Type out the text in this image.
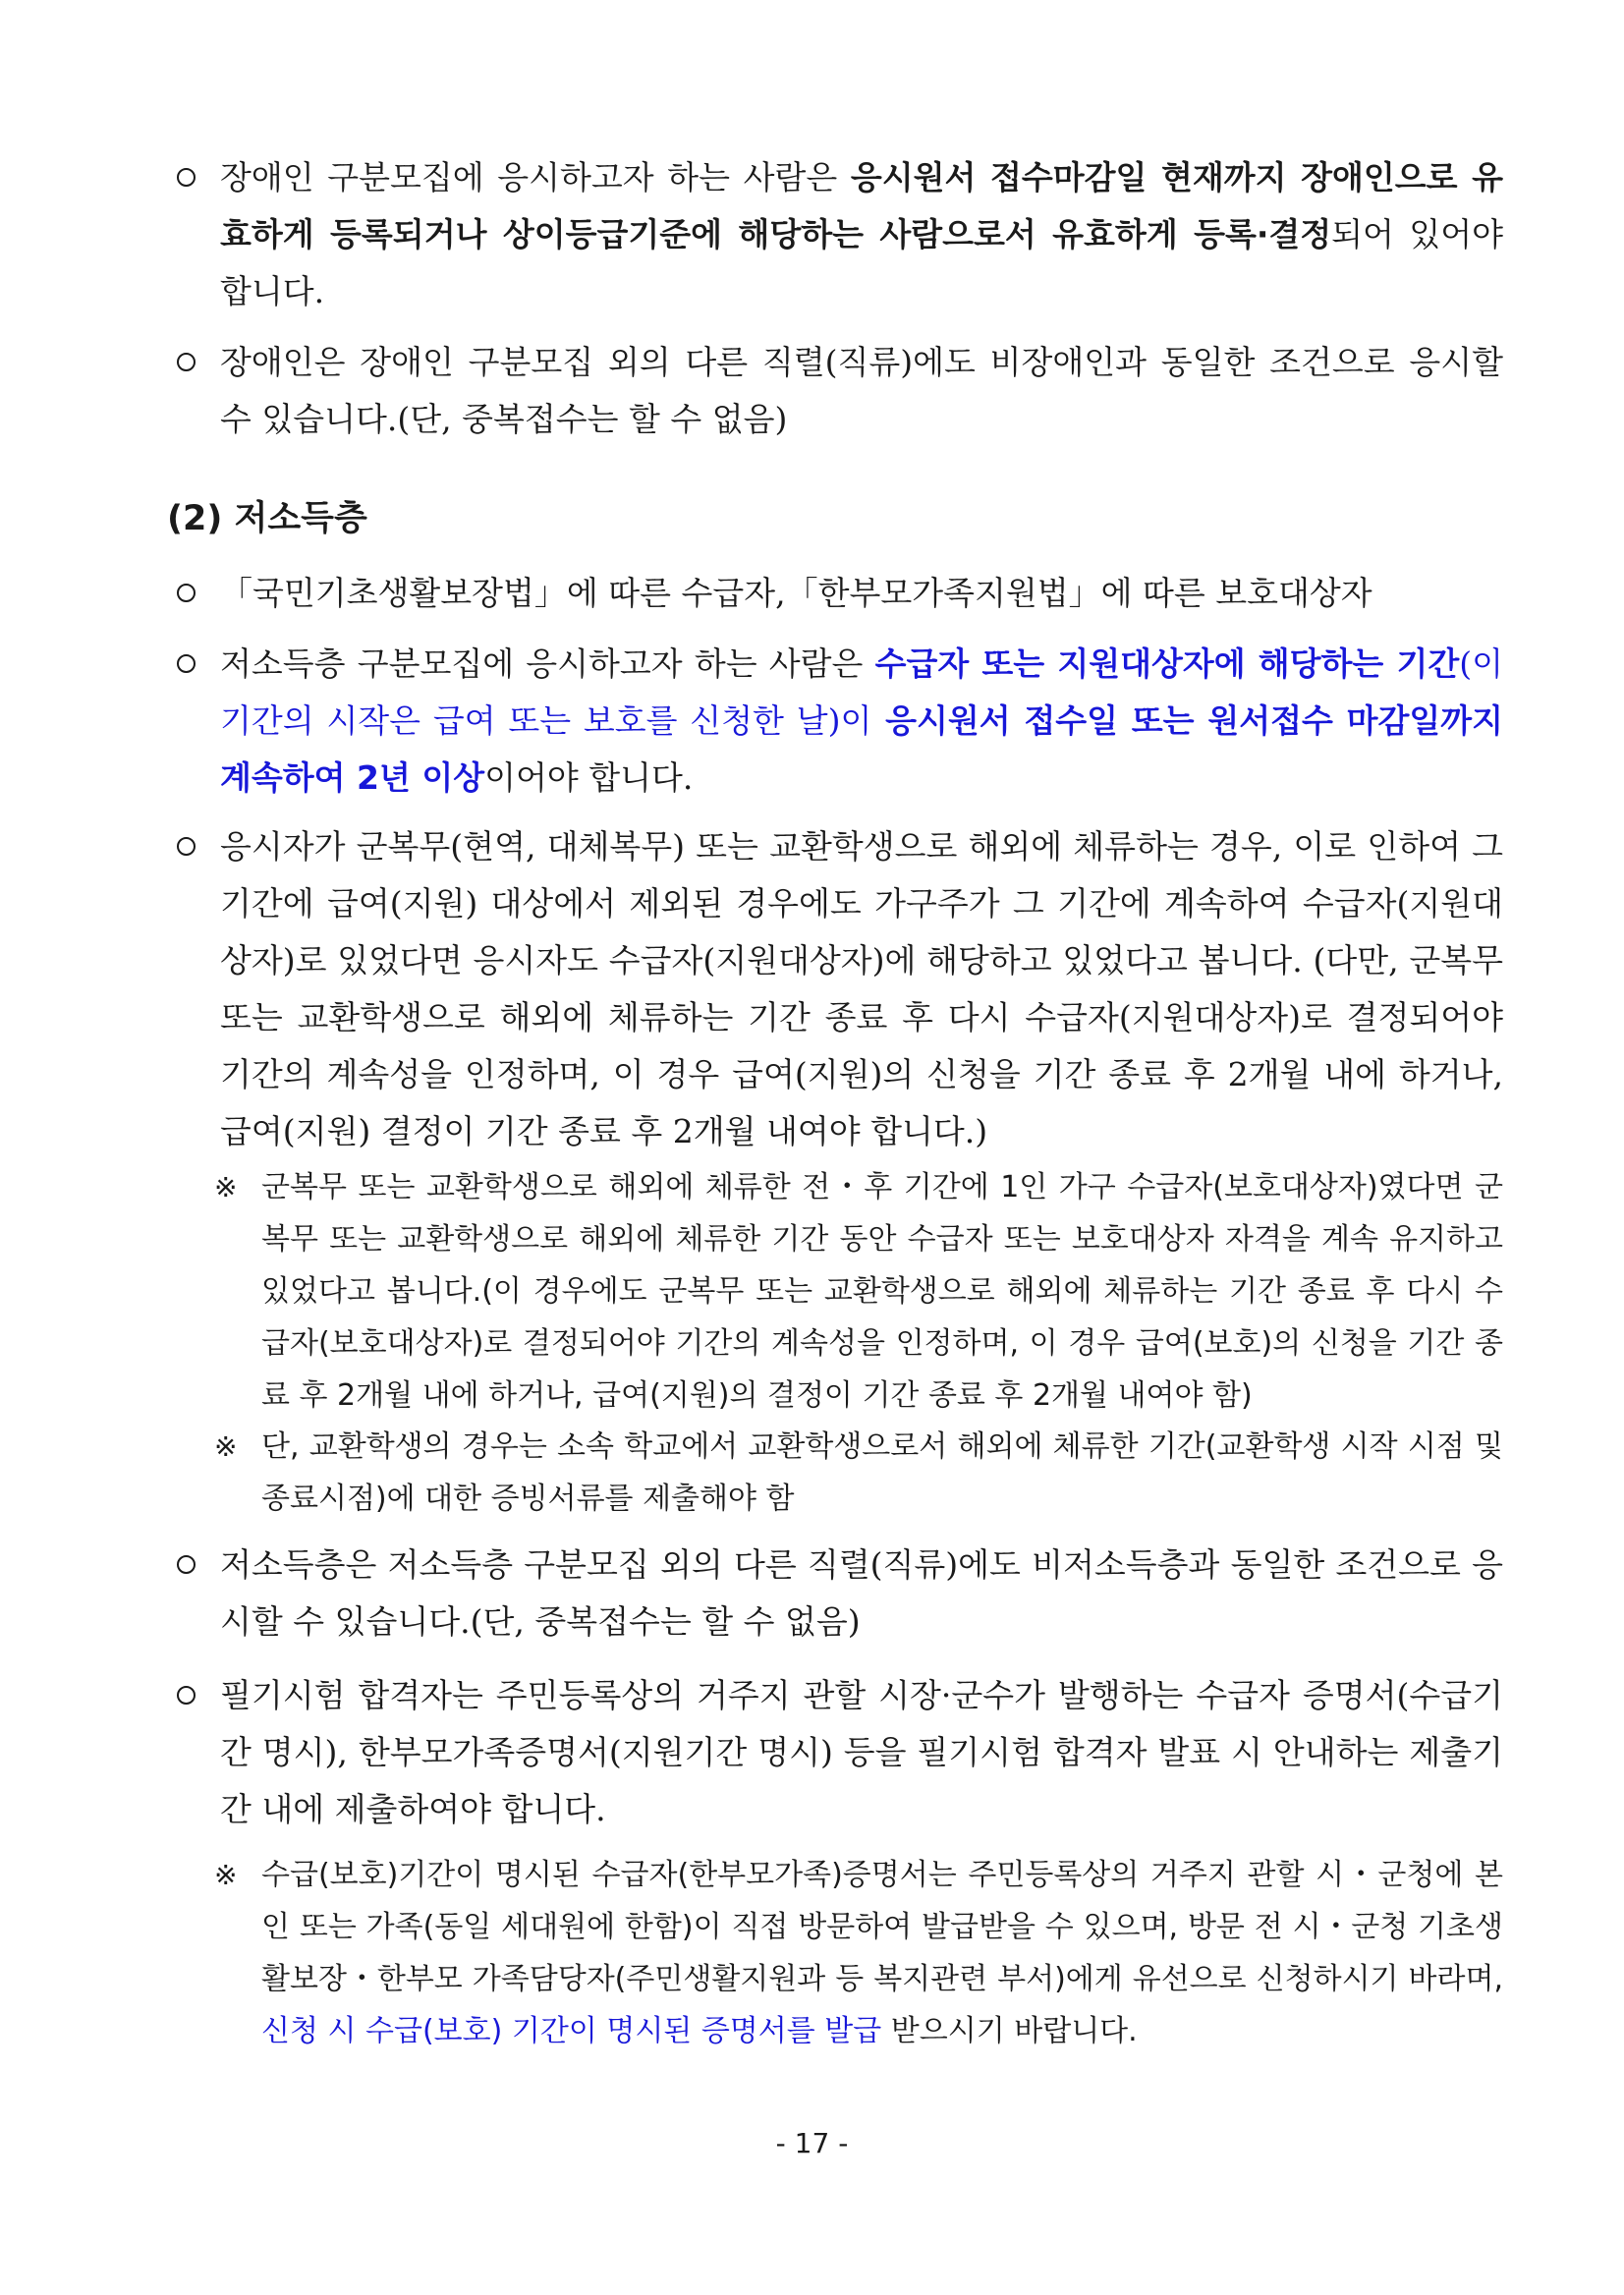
장애인 구분모집에 응시하고자 하는 사람은 응시원서 접수마감일 현재까지 장애인으로 유효하게 등록되거나 상이등급기준에 해당하는 사람으로서 유효하게 등록·결정되어 있어야 합니다.
장애인은 장애인 구분모집 외의 다른 직렬(직류)에도 비장애인과 동일한 조건으로 응시할 수 있습니다.(단, 중복접수는 할 수 없음)
(2) 저소득층
「국민기초생활보장법」에 따른 수급자,「한부모가족지원법」에 따른 보호대상자
저소득층 구분모집에 응시하고자 하는 사람은 수급자 또는 지원대상자에 해당하는 기간(이 기간의 시작은 급여 또는 보호를 신청한 날)이 응시원서 접수일 또는 원서접수 마감일까지 계속하여 2년 이상이어야 합니다.
응시자가 군복무(현역, 대체복무) 또는 교환학생으로 해외에 체류하는 경우, 이로 인하여 그 기간에 급여(지원) 대상에서 제외된 경우에도 가구주가 그 기간에 계속하여 수급자(지원대상자)로 있었다면 응시자도 수급자(지원대상자)에 해당하고 있었다고 봅니다. (다만, 군복무 또는 교환학생으로 해외에 체류하는 기간 종료 후 다시 수급자(지원대상자)로 결정되어야 기간의 계속성을 인정하며, 이 경우 급여(지원)의 신청을 기간 종료 후 2개월 내에 하거나, 급여(지원) 결정이 기간 종료 후 2개월 내여야 합니다.)
※ 군복무 또는 교환학생으로 해외에 체류한 전・후 기간에 1인 가구 수급자(보호대상자)였다면 군복무 또는 교환학생으로 해외에 체류한 기간 동안 수급자 또는 보호대상자 자격을 계속 유지하고 있었다고 봅니다.(이 경우에도 군복무 또는 교환학생으로 해외에 체류하는 기간 종료 후 다시 수급자(보호대상자)로 결정되어야 기간의 계속성을 인정하며, 이 경우 급여(보호)의 신청을 기간 종료 후 2개월 내에 하거나, 급여(지원)의 결정이 기간 종료 후 2개월 내여야 함)
※ 단, 교환학생의 경우는 소속 학교에서 교환학생으로서 해외에 체류한 기간(교환학생 시작 시점 및 종료시점)에 대한 증빙서류를 제출해야 함
저소득층은 저소득층 구분모집 외의 다른 직렬(직류)에도 비저소득층과 동일한 조건으로 응시할 수 있습니다.(단, 중복접수는 할 수 없음)
필기시험 합격자는 주민등록상의 거주지 관할 시장·군수가 발행하는 수급자 증명서(수급기간 명시), 한부모가족증명서(지원기간 명시) 등을 필기시험 합격자 발표 시 안내하는 제출기간 내에 제출하여야 합니다.
※ 수급(보호)기간이 명시된 수급자(한부모가족)증명서는 주민등록상의 거주지 관할 시・군청에 본인 또는 가족(동일 세대원에 한함)이 직접 방문하여 발급받을 수 있으며, 방문 전 시・군청 기초생활보장・한부모 가족담당자(주민생활지원과 등 복지관련 부서)에게 유선으로 신청하시기 바라며, 신청 시 수급(보호) 기간이 명시된 증명서를 발급 받으시기 바랍니다.
- 17 -
